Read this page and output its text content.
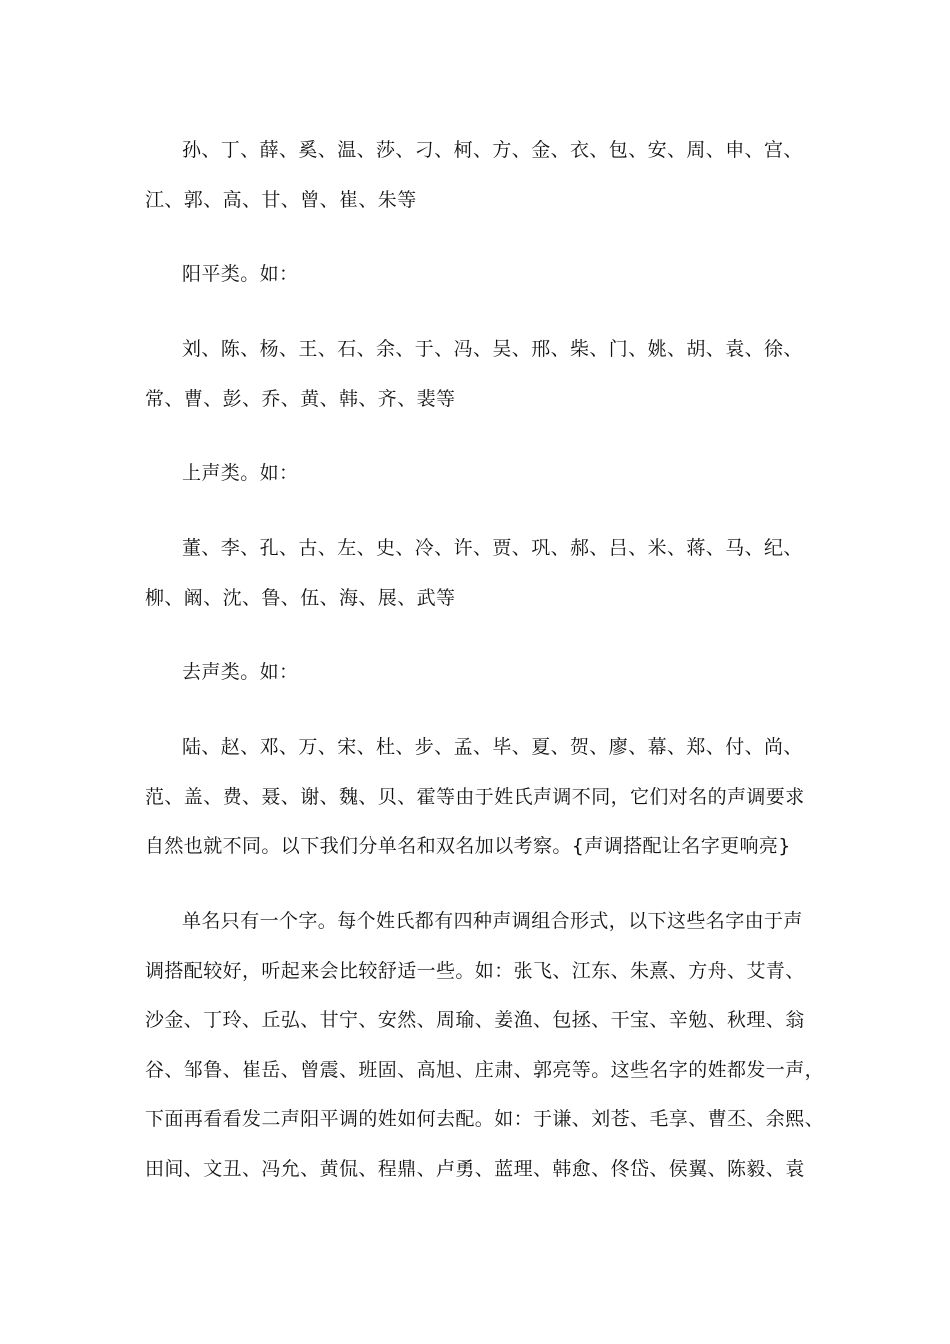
孙、丁、薛、奚、温、莎、刁、柯、方、金、衣、包、安、周、申、宫、
江、郭、高、甘、曾、崔、朱等

阳平类。如：

刘、陈、杨、王、石、余、于、冯、吴、邢、柴、门、姚、胡、袁、徐、
常、曹、彭、乔、黄、韩、齐、裴等

上声类。如：

董、李、孔、古、左、史、冷、许、贾、巩、郝、吕、米、蒋、马、纪、
柳、阚、沈、鲁、伍、海、展、武等

去声类。如：

陆、赵、邓、万、宋、杜、步、孟、毕、夏、贺、廖、幕、郑、付、尚、
范、盖、费、聂、谢、魏、贝、霍等由于姓氏声调不同，它们对名的声调要求
自然也就不同。以下我们分单名和双名加以考察。{声调搭配让名字更响亮}

单名只有一个字。每个姓氏都有四种声调组合形式，以下这些名字由于声
调搭配较好，听起来会比较舒适一些。如：张飞、江东、朱熹、方舟、艾青、
沙金、丁玲、丘弘、甘宁、安然、周瑜、姜渔、包拯、干宝、辛勉、秋理、翁
谷、邹鲁、崔岳、曾震、班固、高旭、庄肃、郭亮等。这些名字的姓都发一声，
下面再看看发二声阳平调的姓如何去配。如：于谦、刘苍、毛享、曹丕、余熙、
田间、文丑、冯允、黄侃、程鼎、卢勇、蓝理、韩愈、佟岱、侯翼、陈毅、袁
